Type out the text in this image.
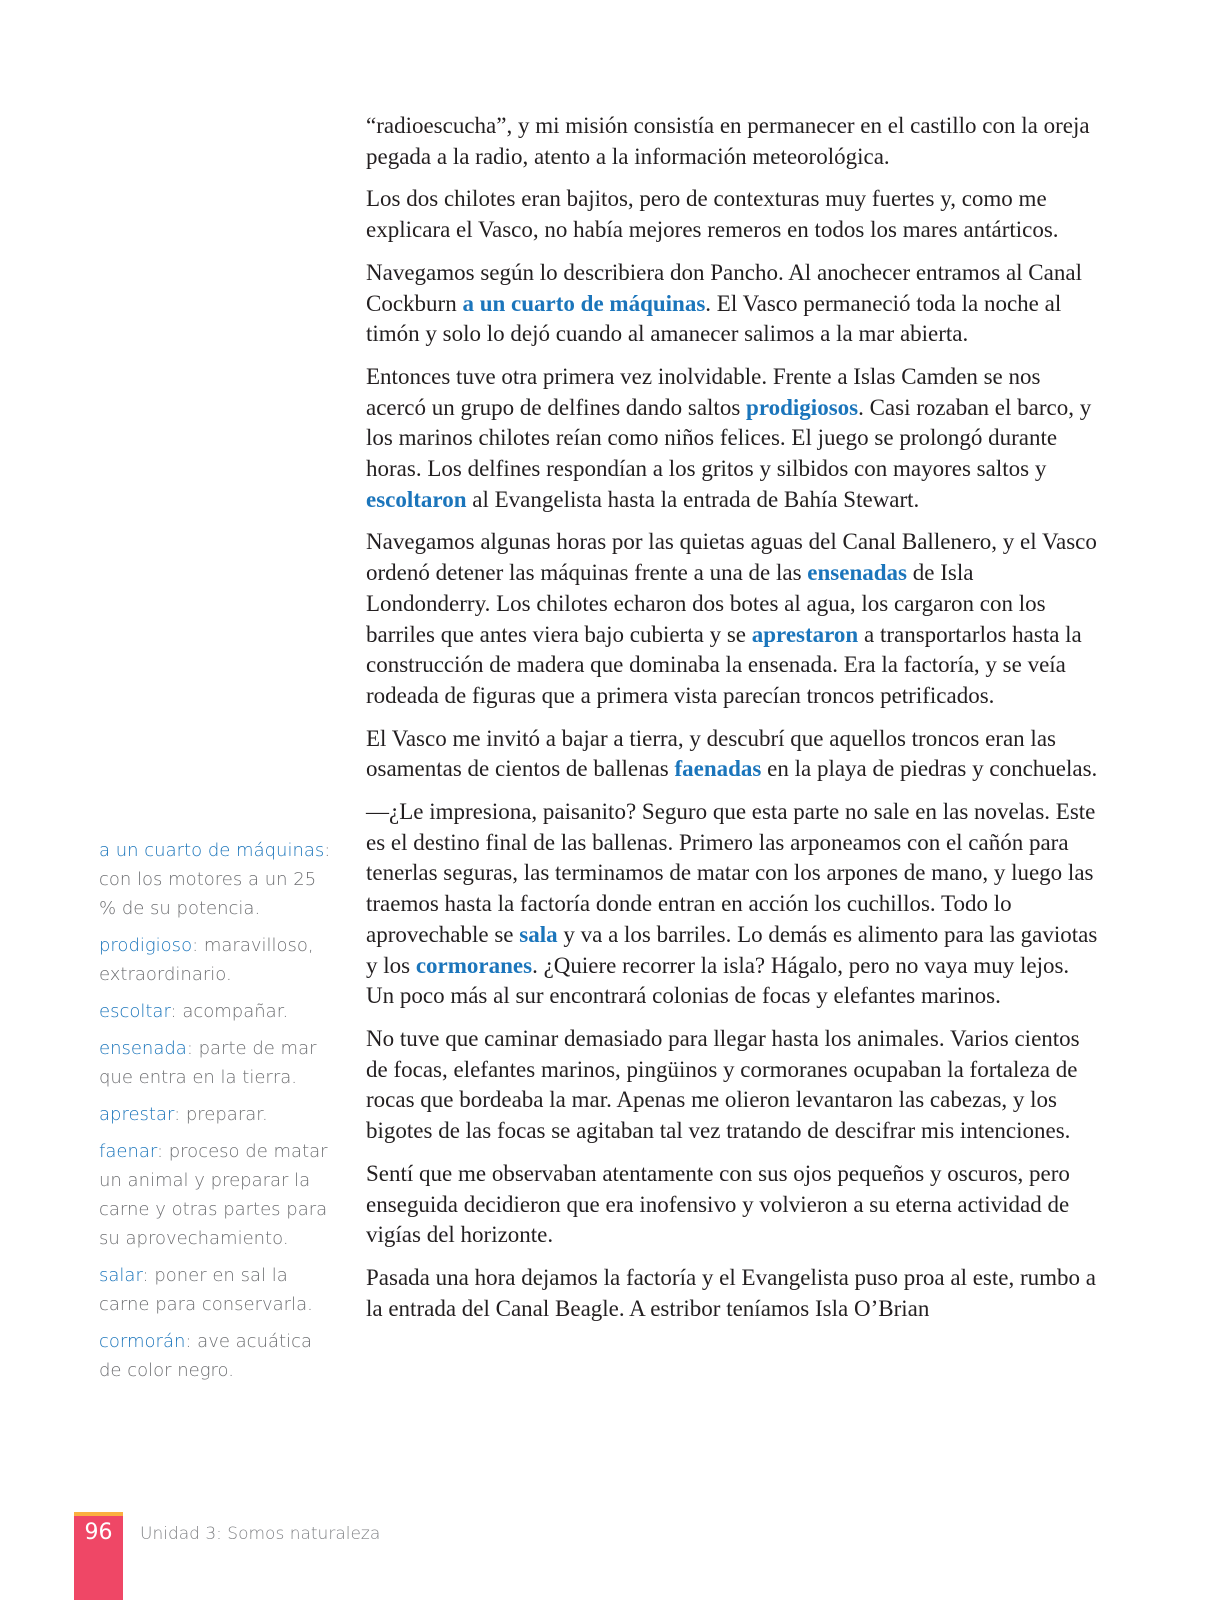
“radioescucha”, y mi misión consistía en permanecer en el castillo con la oreja pegada a la radio, atento a la información meteorológica.

Los dos chilotes eran bajitos, pero de contexturas muy fuertes y, como me explicara el Vasco, no había mejores remeros en todos los mares antárticos.

Navegamos según lo describiera don Pancho. Al anochecer entramos al Canal Cockburn a un cuarto de máquinas. El Vasco permaneció toda la noche al timón y solo lo dejó cuando al amanecer salimos a la mar abierta.

Entonces tuve otra primera vez inolvidable. Frente a Islas Camden se nos acercó un grupo de delfines dando saltos prodigiosos. Casi rozaban el barco, y los marinos chilotes reían como niños felices. El juego se prolongó durante horas. Los delfines respondían a los gritos y silbidos con mayores saltos y escoltaron al Evangelista hasta la entrada de Bahía Stewart.

Navegamos algunas horas por las quietas aguas del Canal Ballenero, y el Vasco ordenó detener las máquinas frente a una de las ensenadas de Isla Londonderry. Los chilotes echaron dos botes al agua, los cargaron con los barriles que antes viera bajo cubierta y se aprestaron a transportarlos hasta la construcción de madera que dominaba la ensenada. Era la factoría, y se veía rodeada de figuras que a primera vista parecían troncos petrificados.

El Vasco me invitó a bajar a tierra, y descubrí que aquellos troncos eran las osamentas de cientos de ballenas faenadas en la playa de piedras y conchuelas.

—¿Le impresiona, paisanito? Seguro que esta parte no sale en las novelas. Este es el destino final de las ballenas. Primero las arponeamos con el cañón para tenerlas seguras, las terminamos de matar con los arpones de mano, y luego las traemos hasta la factoría donde entran en acción los cuchillos. Todo lo aprovechable se sala y va a los barriles. Lo demás es alimento para las gaviotas y los cormoranes. ¿Quiere recorrer la isla? Hágalo, pero no vaya muy lejos. Un poco más al sur encontrará colonias de focas y elefantes marinos.

No tuve que caminar demasiado para llegar hasta los animales. Varios cientos de focas, elefantes marinos, pingüinos y cormoranes ocupaban la fortaleza de rocas que bordeaba la mar. Apenas me olieron levantaron las cabezas, y los bigotes de las focas se agitaban tal vez tratando de descifrar mis intenciones.

Sentí que me observaban atentamente con sus ojos pequeños y oscuros, pero enseguida decidieron que era inofensivo y volvieron a su eterna actividad de vigías del horizonte.

Pasada una hora dejamos la factoría y el Evangelista puso proa al este, rumbo a la entrada del Canal Beagle. A estribor teníamos Isla O’Brian

a un cuarto de máquinas: con los motores a un 25 % de su potencia.

prodigioso: maravilloso, extraordinario.

escoltar: acompañar.

ensenada: parte de mar que entra en la tierra.

aprestar: preparar.

faenar: proceso de matar un animal y preparar la carne y otras partes para su aprovechamiento.

salar: poner en sal la carne para conservarla.

cormorán: ave acuática de color negro.

96	Unidad 3: Somos naturaleza
